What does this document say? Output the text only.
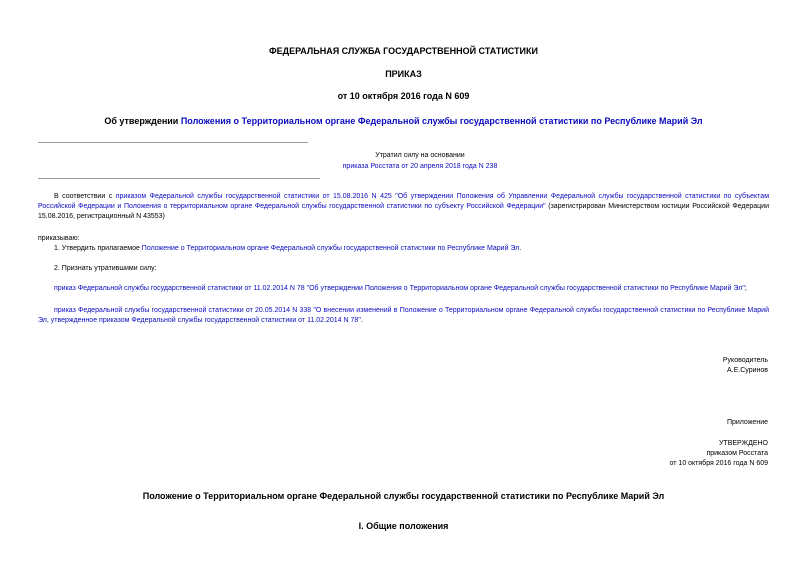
ФЕДЕРАЛЬНАЯ СЛУЖБА ГОСУДАРСТВЕННОЙ СТАТИСТИКИ
ПРИКАЗ
от 10 октября 2016 года N 609
Об утверждении Положения о Территориальном органе Федеральной службы государственной статистики по Республике Марий Эл
Утратил силу на основании
приказа Росстата от 20 апреля 2018 года N 238
В соответствии с приказом Федеральной службы государственной статистики от 15.08.2016 N 425 "Об утверждении Положения об Управлении Федеральной службы государственной статистики по субъектам Российской Федерации и Положения о территориальном органе Федеральной службы государственной статистики по субъекту Российской Федерации" (зарегистрирован Министерством юстиции Российской Федерации 15.08.2016, регистрационный N 43553)
приказываю:
1. Утвердить прилагаемое Положение о Территориальном органе Федеральной службы государственной статистики по Республике Марий Эл.
2. Признать утратившими силу:
приказ Федеральной службы государственной статистики от 11.02.2014 N 78 "Об утверждении Положения о Территориальном органе Федеральной службы государственной статистики по Республике Марий Эл";
приказ Федеральной службы государственной статистики от 20.05.2014 N 338 "О внесении изменений в Положение о Территориальном органе Федеральной службы государственной статистики по Республике Марий Эл, утвержденное приказом Федеральной службы государственной статистики от 11.02.2014 N 78".
Руководитель
А.Е.Суринов
Приложение
УТВЕРЖДЕНО
приказом Росстата
от 10 октября 2016 года N 609
Положение о Территориальном органе Федеральной службы государственной статистики по Республике Марий Эл
I. Общие положения
